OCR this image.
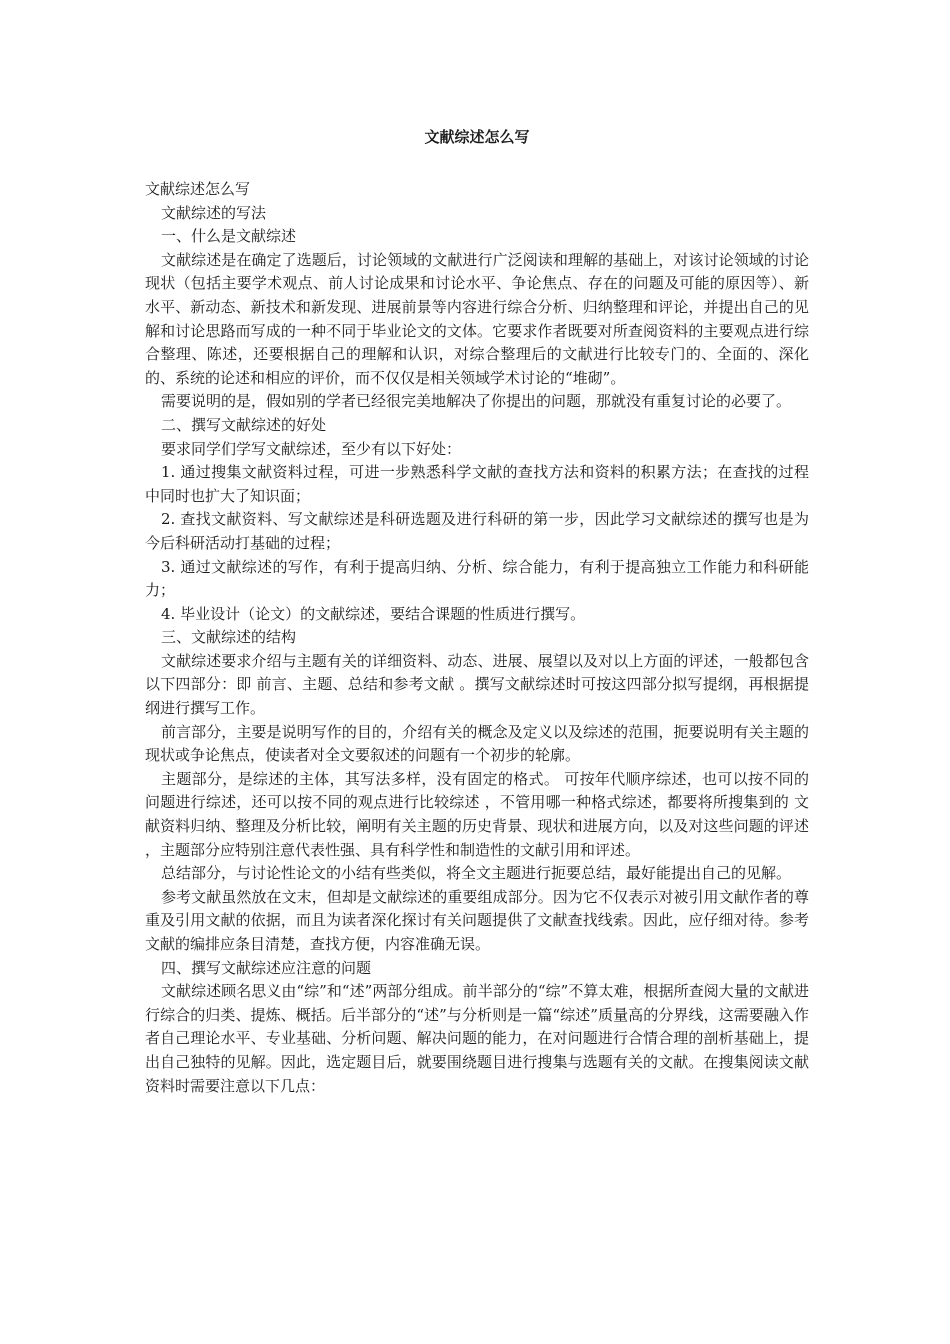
文献综述怎么写

文献综述怎么写

文献综述的写法

一、什么是文献综述

文献综述是在确定了选题后，讨论领域的文献进行广泛阅读和理解的基础上，对该讨论领域的讨论现状（包括主要学术观点、前人讨论成果和讨论水平、争论焦点、存在的问题及可能的原因等）、新水平、新动态、新技术和新发现、进展前景等内容进行综合分析、归纳整理和评论，并提出自己的见解和讨论思路而写成的一种不同于毕业论文的文体。它要求作者既要对所查阅资料的主要观点进行综合整理、陈述，还要根据自己的理解和认识，对综合整理后的文献进行比较专门的、全面的、深化的、系统的论述和相应的评价，而不仅仅是相关领域学术讨论的“堆砌”。

需要说明的是，假如别的学者已经很完美地解决了你提出的问题，那就没有重复讨论的必要了。

二、撰写文献综述的好处

要求同学们学写文献综述，至少有以下好处：

1. 通过搜集文献资料过程，可进一步熟悉科学文献的查找方法和资料的积累方法；在查找的过程中同时也扩大了知识面；

2. 查找文献资料、写文献综述是科研选题及进行科研的第一步，因此学习文献综述的撰写也是为今后科研活动打基础的过程；

3. 通过文献综述的写作，有利于提高归纳、分析、综合能力，有利于提高独立工作能力和科研能力；

4. 毕业设计（论文）的文献综述，要结合课题的性质进行撰写。

三、文献综述的结构

文献综述要求介绍与主题有关的详细资料、动态、进展、展望以及对以上方面的评述，一般都包含以下四部分：即 前言、主题、总结和参考文献 。撰写文献综述时可按这四部分拟写提纲，再根据提纲进行撰写工作。

前言部分，主要是说明写作的目的，介绍有关的概念及定义以及综述的范围，扼要说明有关主题的现状或争论焦点，使读者对全文要叙述的问题有一个初步的轮廓。

主题部分，是综述的主体，其写法多样，没有固定的格式。 可按年代顺序综述，也可以按不同的问题进行综述，还可以按不同的观点进行比较综述 ，不管用哪一种格式综述，都要将所搜集到的 文献资料归纳、整理及分析比较，阐明有关主题的历史背景、现状和进展方向，以及对这些问题的评述 ，主题部分应特别注意代表性强、具有科学性和制造性的文献引用和评述。

总结部分，与讨论性论文的小结有些类似，将全文主题进行扼要总结，最好能提出自己的见解。

参考文献虽然放在文末，但却是文献综述的重要组成部分。因为它不仅表示对被引用文献作者的尊重及引用文献的依据，而且为读者深化探讨有关问题提供了文献查找线索。因此，应仔细对待。参考文献的编排应条目清楚，查找方便，内容准确无误。

四、撰写文献综述应注意的问题

文献综述顾名思义由“综”和“述”两部分组成。前半部分的“综”不算太难，根据所查阅大量的文献进行综合的归类、提炼、概括。后半部分的“述”与分析则是一篇“综述”质量高的分界线，这需要融入作者自己理论水平、专业基础、分析问题、解决问题的能力，在对问题进行合情合理的剖析基础上，提出自己独特的见解。因此，选定题目后，就要围绕题目进行搜集与选题有关的文献。在搜集阅读文献资料时需要注意以下几点：
